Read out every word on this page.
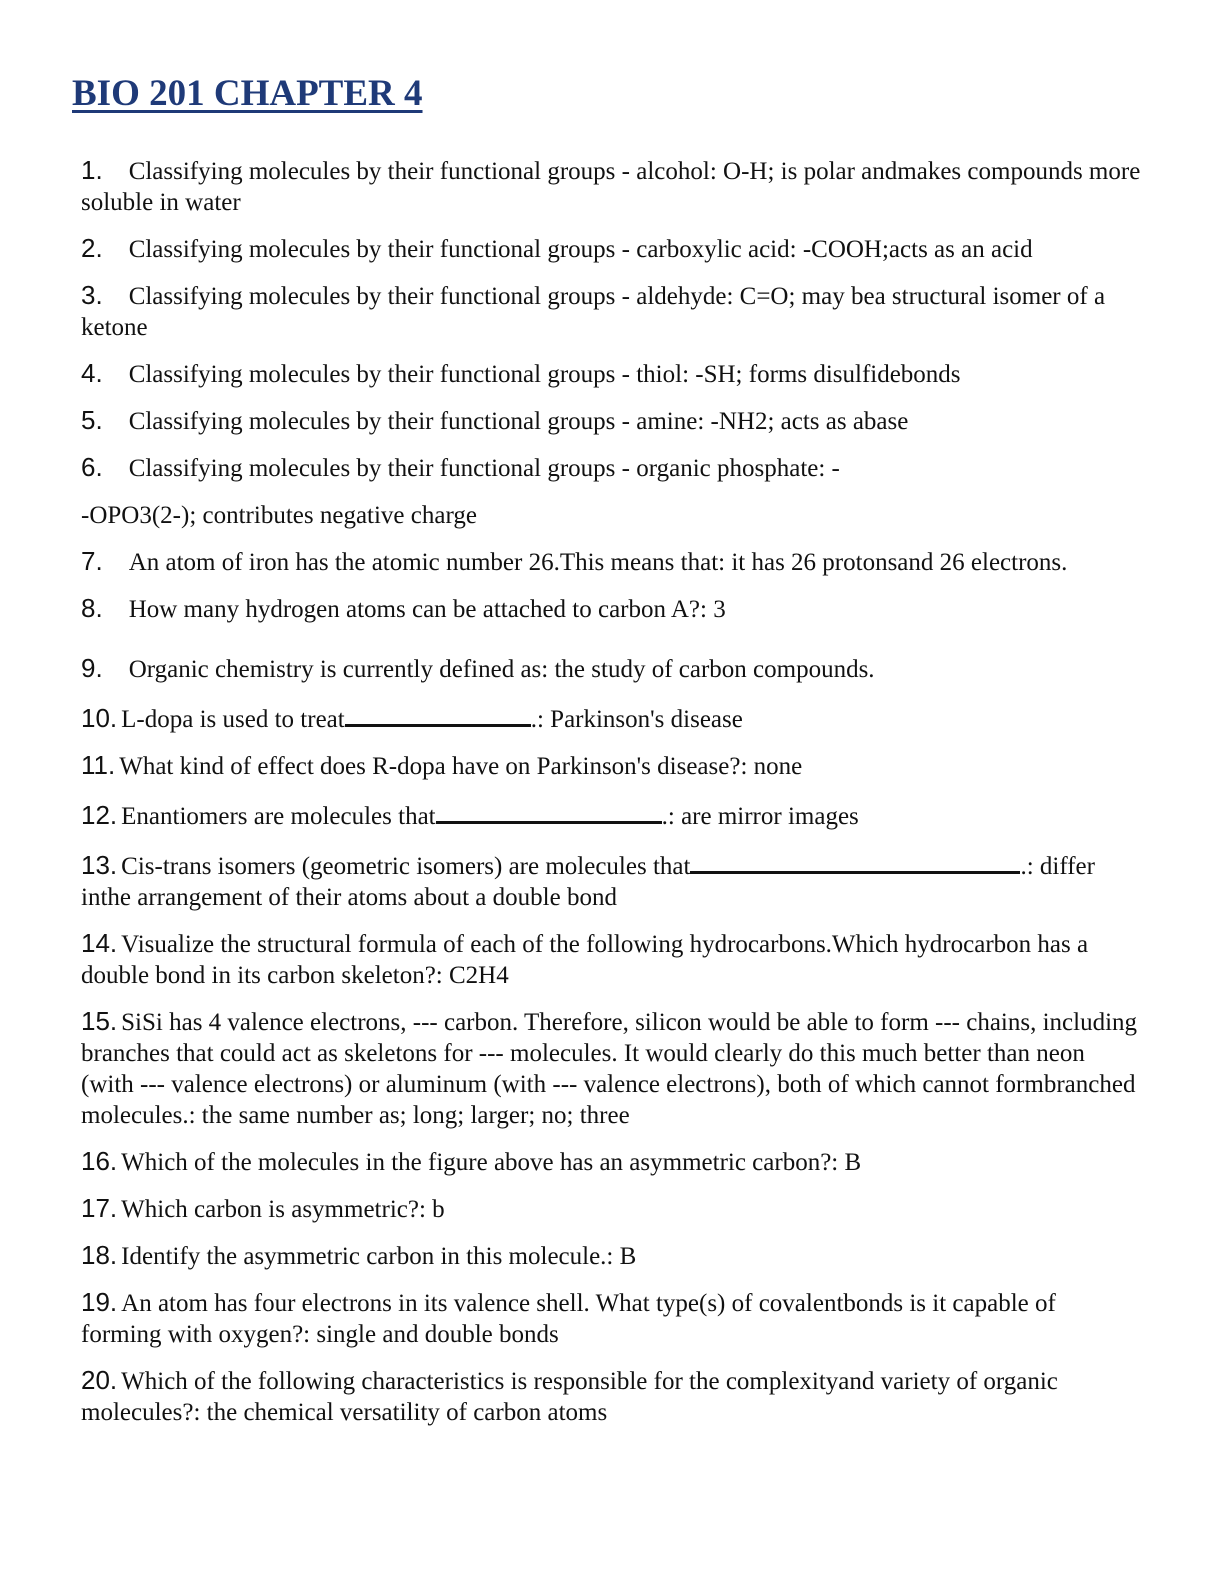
BIO 201 CHAPTER 4
1. Classifying molecules by their functional groups - alcohol: O-H; is polar andmakes compounds more soluble in water
2. Classifying molecules by their functional groups - carboxylic acid: -COOH;acts as an acid
3. Classifying molecules by their functional groups - aldehyde: C=O; may bea structural isomer of a ketone
4. Classifying molecules by their functional groups - thiol: -SH; forms disulfidebonds
5. Classifying molecules by their functional groups - amine: -NH2; acts as abase
6. Classifying molecules by their functional groups - organic phosphate: -
-OPO3(2-); contributes negative charge
7. An atom of iron has the atomic number 26.This means that: it has 26 protonsand 26 electrons.
8. How many hydrogen atoms can be attached to carbon A?: 3
9. Organic chemistry is currently defined as: the study of carbon compounds.
10. L-dopa is used to treat	.: Parkinson's disease
11. What kind of effect does R-dopa have on Parkinson's disease?: none
12. Enantiomers are molecules that	.: are mirror images
13. Cis-trans isomers (geometric isomers) are molecules that	.: differ inthe arrangement of their atoms about a double bond
14. Visualize the structural formula of each of the following hydrocarbons.Which hydrocarbon has a double bond in its carbon skeleton?: C2H4
15. SiSi has 4 valence electrons, --- carbon. Therefore, silicon would be able to form --- chains, including branches that could act as skeletons for --- molecules. It would clearly do this much better than neon (with --- valence electrons) or aluminum (with --- valence electrons), both of which cannot formbranched molecules.: the same number as; long; larger; no; three
16. Which of the molecules in the figure above has an asymmetric carbon?: B
17. Which carbon is asymmetric?: b
18. Identify the asymmetric carbon in this molecule.: B
19. An atom has four electrons in its valence shell. What type(s) of covalentbonds is it capable of forming with oxygen?: single and double bonds
20. Which of the following characteristics is responsible for the complexityand variety of organic molecules?: the chemical versatility of carbon atoms
